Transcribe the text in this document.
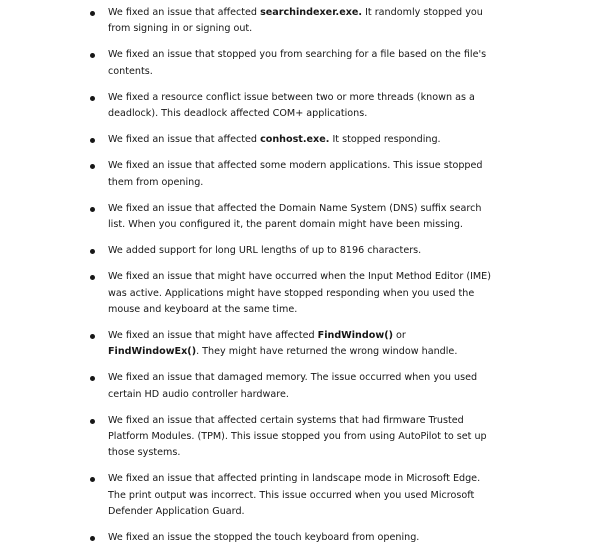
We fixed an issue that affected searchindexer.exe. It randomly stopped you from signing in or signing out.
We fixed an issue that stopped you from searching for a file based on the file's contents.
We fixed a resource conflict issue between two or more threads (known as a deadlock). This deadlock affected COM+ applications.
We fixed an issue that affected conhost.exe. It stopped responding.
We fixed an issue that affected some modern applications. This issue stopped them from opening.
We fixed an issue that affected the Domain Name System (DNS) suffix search list. When you configured it, the parent domain might have been missing.
We added support for long URL lengths of up to 8196 characters.
We fixed an issue that might have occurred when the Input Method Editor (IME) was active. Applications might have stopped responding when you used the mouse and keyboard at the same time.
We fixed an issue that might have affected FindWindow() or FindWindowEx(). They might have returned the wrong window handle.
We fixed an issue that damaged memory. The issue occurred when you used certain HD audio controller hardware.
We fixed an issue that affected certain systems that had firmware Trusted Platform Modules. (TPM). This issue stopped you from using AutoPilot to set up those systems.
We fixed an issue that affected printing in landscape mode in Microsoft Edge. The print output was incorrect. This issue occurred when you used Microsoft Defender Application Guard.
We fixed an issue the stopped the touch keyboard from opening.
